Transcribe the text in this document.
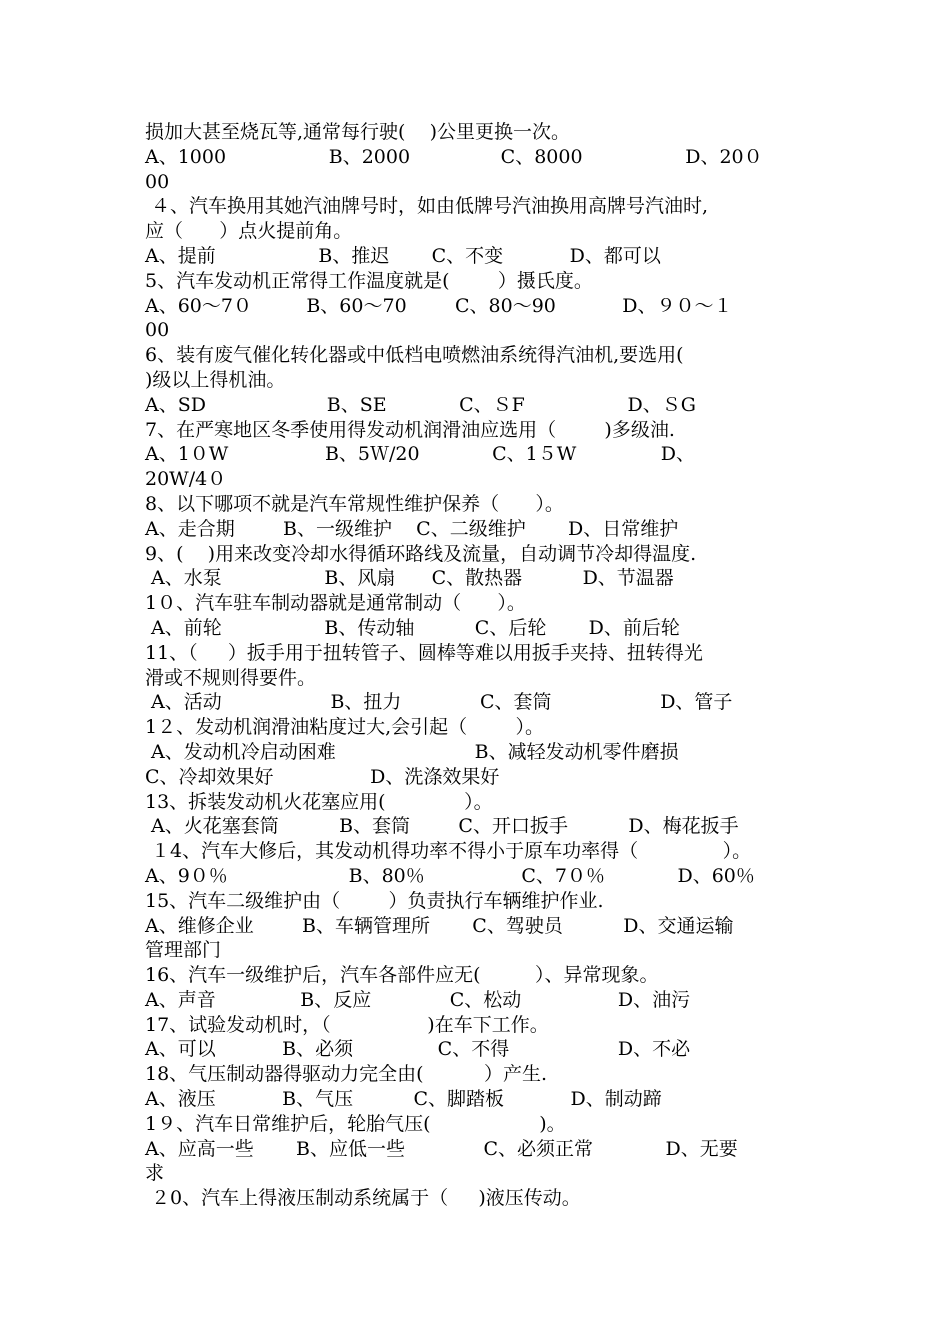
损加大甚至烧瓦等,通常每行驶(    )公里更换一次。
A、1000                 B、2000               C、8000                 D、20０
00
４、汽车换用其她汽油牌号时，如由低牌号汽油换用高牌号汽油时,
应（      ）点火提前角。
A、提前                 B、推迟       C、不变           D、都可以
5、汽车发动机正常得工作温度就是(        ）摄氏度。
A、60～7０         B、60～70        C、80～90           D、９０～１
00
6、装有废气催化转化器或中低档电喷燃油系统得汽油机,要选用(
)级以上得机油。
A、SD                    B、SE            C、ＳF                 D、ＳG
7、在严寒地区冬季使用得发动机润滑油应选用（        )多级油.
A、1０W                B、5Ｗ/20            C、1５W              D、
20W/4０
8、以下哪项不就是汽车常规性维护保养（      ）。
A、走合期        B、一级维护    C、二级维护       D、日常维护
9、(    )用来改变冷却水得循环路线及流量，自动调节冷却得温度.
A、水泵                 B、风扇      C、散热器          D、节温器
1０、汽车驻车制动器就是通常制动（      ）。
A、前轮                 B、传动轴          C、后轮       D、前后轮
11、（     ）扳手用于扭转管子、圆棒等难以用扳手夹持、扭转得光
滑或不规则得要件。
A、活动                  B、扭力             C、套筒                  D、管子
1２、发动机润滑油粘度过大,会引起（        ）。
A、发动机冷启动困难                       B、减轻发动机零件磨损
C、冷却效果好                D、洗涤效果好
13、拆装发动机火花塞应用(             ）。
A、火花塞套筒          B、套筒        C、开口扳手          D、梅花扳手
１4、汽车大修后，其发动机得功率不得小于原车功率得（              ）。
A、9０％                    B、80％                C、7０％            D、60％
15、汽车二级维护由（        ）负责执行车辆维护作业.
A、维修企业        B、车辆管理所       C、驾驶员          D、交通运输
管理部门
16、汽车一级维护后，汽车各部件应无(         ）、异常现象。
A、声音              B、反应             C、松动                D、油污
17、试验发动机时，（                )在车下工作。
A、可以           B、必须              C、不得                  D、不必
18、气压制动器得驱动力完全由(          ）产生.
A、液压           B、气压          C、脚踏板           D、制动蹄
1９、汽车日常维护后，轮胎气压(                  )。
A、应高一些       B、应低一些             C、必须正常            D、无要
求
２0、汽车上得液压制动系统属于（     )液压传动。
